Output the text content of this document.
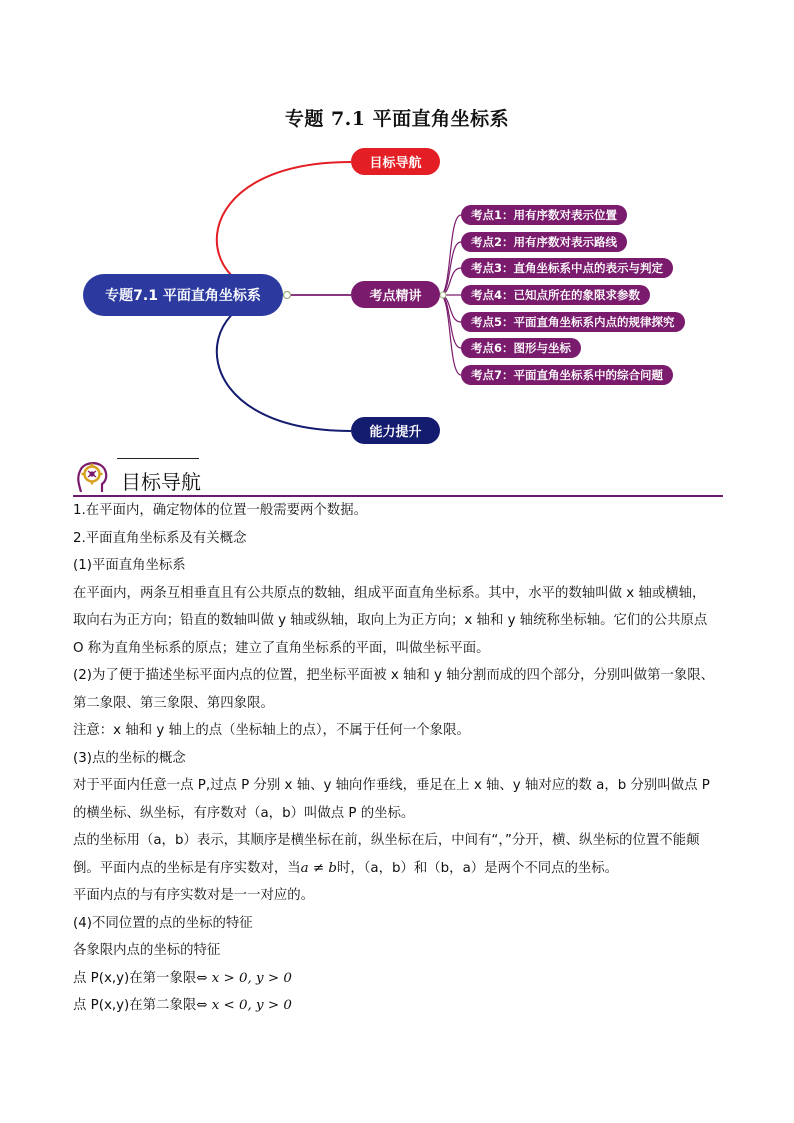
专题 7.1 平面直角坐标系
专题7.1 平面直角坐标系
目标导航
考点精讲
能力提升
考点1：用有序数对表示位置
考点2：用有序数对表示路线
考点3：直角坐标系中点的表示与判定
考点4：已知点所在的象限求参数
考点5：平面直角坐标系内点的规律探究
考点6：图形与坐标
考点7：平面直角坐标系中的综合问题
目标导航

1.在平面内，确定物体的位置一般需要两个数据。

2.平面直角坐标系及有关概念

(1)平面直角坐标系

在平面内，两条互相垂直且有公共原点的数轴，组成平面直角坐标系。其中，水平的数轴叫做 x 轴或横轴，

取向右为正方向；铅直的数轴叫做 y 轴或纵轴，取向上为正方向；x 轴和 y 轴统称坐标轴。它们的公共原点

O 称为直角坐标系的原点；建立了直角坐标系的平面，叫做坐标平面。

(2)为了便于描述坐标平面内点的位置，把坐标平面被 x 轴和 y 轴分割而成的四个部分，分别叫做第一象限、

第二象限、第三象限、第四象限。

注意：x 轴和 y 轴上的点（坐标轴上的点），不属于任何一个象限。

(3)点的坐标的概念

对于平面内任意一点 P,过点 P 分别 x 轴、y 轴向作垂线，垂足在上 x 轴、y 轴对应的数 a，b 分别叫做点 P

的横坐标、纵坐标，有序数对（a，b）叫做点 P 的坐标。

点的坐标用（a，b）表示，其顺序是横坐标在前，纵坐标在后，中间有“，”分开，横、纵坐标的位置不能颠

倒。平面内点的坐标是有序实数对，当a ≠ b时，（a，b）和（b，a）是两个不同点的坐标。

平面内点的与有序实数对是一一对应的。

(4)不同位置的点的坐标的特征

各象限内点的坐标的特征

点 P(x,y)在第一象限⇔ x > 0, y > 0

点 P(x,y)在第二象限⇔ x < 0, y > 0
